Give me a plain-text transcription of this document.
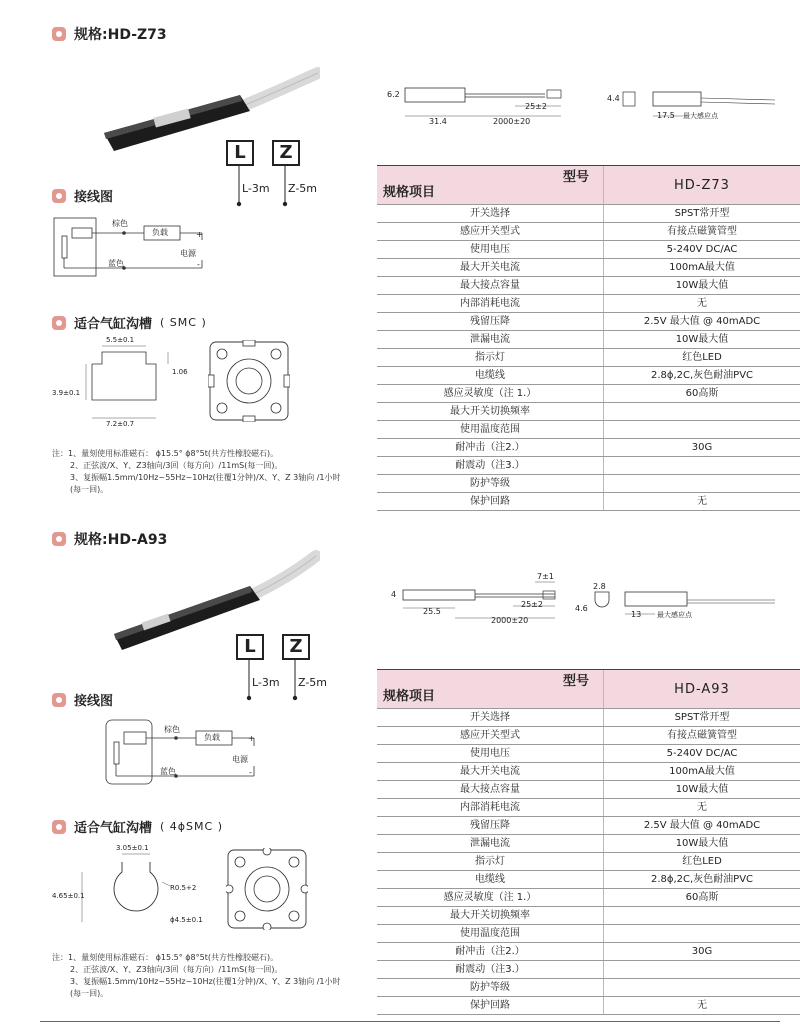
规格:HD-Z73
L	Z
L-3m Z-5m
接线图
棕色
蓝色
负载
电源
+
-
适合气缸沟槽 ( SMC )
5.5±0.1
1.06
3.9±0.1
7.2±0.7
注：1、量刻使用标准磁石： ɸ15.5° ɸ8°5t(共方性橡胶磁石)。
2、正弦波/X、Y、Z3轴向/3回（每方向）/11mS(每一回)。
3、复振幅1.5mm/10Hz~55Hz~10Hz(往覆1分钟)/X、Y、Z 3轴向 /1小时
(每一回)。
6.2
25±2
31.4	2000±20
4.4
17.5 最大感应点
型号
规格项目	HD-Z73
开关选择	SPST常开型
感应开关型式	有接点磁簧管型
使用电压	5-240V DC/AC
最大开关电流	100mA最大值
最大接点容量	10W最大值
内部消耗电流	无
残留压降	2.5V 最大值 @ 40mADC
泄漏电流	10W最大值
指示灯	红色LED
电缆线	2.8ɸ,2C,灰色耐油PVC
感应灵敏度（注 1.）	60高斯
最大开关切换频率	
使用温度范围	
耐冲击（注2.）	30G
耐震动（注3.）	
防护等级	
保护回路	无
规格:HD-A93
L	Z
L-3m Z-5m
接线图
棕色
蓝色
负载
电源
+
-
适合气缸沟槽 ( 4ɸSMC )
3.05±0.1
4.65±0.1
R0.5+2
ɸ4.5±0.1
注：1、量刻使用标准磁石： ɸ15.5° ɸ8°5t(共方性橡胶磁石)。
2、正弦波/X、Y、Z3轴向/3回（每方向）/11mS(每一回)。
3、复振幅1.5mm/10Hz~55Hz~10Hz(往覆1分钟)/X、Y、Z 3轴向 /1小时
(每一回)。
7±1
2.8
4
25.5
25±2
2000±20
4.6
13 最大感应点
型号
规格项目	HD-A93
开关选择	SPST常开型
感应开关型式	有接点磁簧管型
使用电压	5-240V DC/AC
最大开关电流	100mA最大值
最大接点容量	10W最大值
内部消耗电流	无
残留压降	2.5V 最大值 @ 40mADC
泄漏电流	10W最大值
指示灯	红色LED
电缆线	2.8ɸ,2C,灰色耐油PVC
感应灵敏度（注 1.）	60高斯
最大开关切换频率	
使用温度范围	
耐冲击（注2.）	30G
耐震动（注3.）	
防护等级	
保护回路	无
